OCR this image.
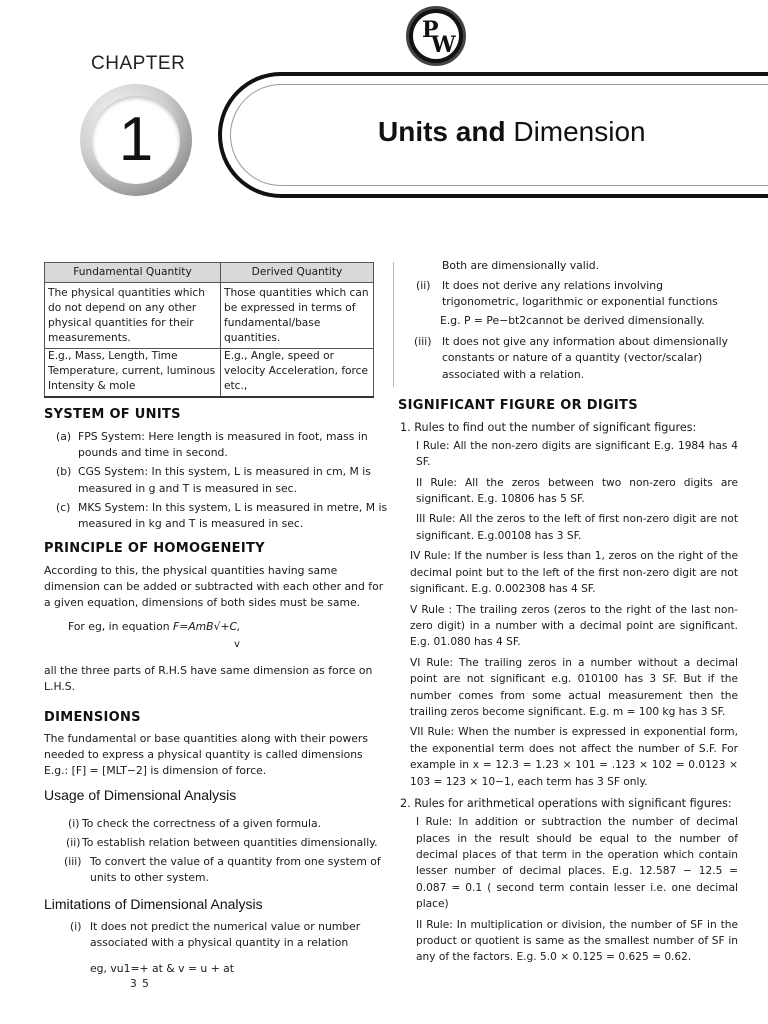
P
W
CHAPTER
1	Units and Dimension
Fundamental Quantity	Derived Quantity
The physical quantities which do not depend on any other physical quantities for their measurements.	Those quantities which can be expressed in terms of fundamental/base quantities.
E.g., Mass, Length, Time Temperature, current, luminous Intensity & mole	E.g., Angle, speed or velocity Acceleration, force etc.,
SYSTEM OF UNITS
(a) FPS System: Here length is measured in foot, mass in pounds and time in second.
(b) CGS System: In this system, L is measured in cm, M is measured in g and T is measured in sec.
(c) MKS System: In this system, L is measured in metre, M is measured in kg and T is measured in sec.
PRINCIPLE OF HOMOGENEITY

According to this, the physical quantities having same dimension can be added or subtracted with each other and for a given equation, dimensions of both sides must be same.

For eg, in equation F=AmB√+C,
v

all the three parts of R.H.S have same dimension as force on L.H.S.

DIMENSIONS

The fundamental or base quantities along with their powers needed to express a physical quantity is called dimensions

E.g.: [F] = [MLT−2] is dimension of force.

Usage of Dimensional Analysis
(i) To check the correctness of a given formula.
(ii) To establish relation between quantities dimensionally.
(iii) To convert the value of a quantity from one system of units to other system.
Limitations of Dimensional Analysis
(i) It does not predict the numerical value or number associated with a physical quantity in a relation
eg, vu1=+ at & v = u + at
3 5
Both are dimensionally valid.
(ii) It does not derive any relations involving trigonometric, logarithmic or exponential functions
E.g. P = Pe−bt2cannot be derived dimensionally.
(iii) It does not give any information about dimensionally constants or nature of a quantity (vector/scalar) associated with a relation.
SIGNIFICANT FIGURE OR DIGITS
1. Rules to find out the number of significant figures:
I Rule: All the non-zero digits are significant E.g. 1984 has 4 SF.
II Rule: All the zeros between two non-zero digits are significant. E.g. 10806 has 5 SF.
III Rule: All the zeros to the left of first non-zero digit are not significant. E.g.00108 has 3 SF.
IV Rule: If the number is less than 1, zeros on the right of the decimal point but to the left of the first non-zero digit are not significant. E.g. 0.002308 has 4 SF.
V Rule : The trailing zeros (zeros to the right of the last non-zero digit) in a number with a decimal point are significant. E.g. 01.080 has 4 SF.
VI Rule: The trailing zeros in a number without a decimal point are not significant e.g. 010100 has 3 SF. But if the number comes from some actual measurement then the trailing zeros become significant. E.g. m = 100 kg has 3 SF.
VII Rule: When the number is expressed in exponential form, the exponential term does not affect the number of S.F. For example in x = 12.3 = 1.23 × 101 = .123 × 102 = 0.0123 × 103 = 123 × 10−1, each term has 3 SF only.
2. Rules for arithmetical operations with significant figures:
I Rule: In addition or subtraction the number of decimal places in the result should be equal to the number of decimal places of that term in the operation which contain lesser number of decimal places. E.g. 12.587 − 12.5 = 0.087 = 0.1 ( second term contain lesser i.e. one decimal place)
II Rule: In multiplication or division, the number of SF in the product or quotient is same as the smallest number of SF in any of the factors. E.g. 5.0 × 0.125 = 0.625 = 0.62.
